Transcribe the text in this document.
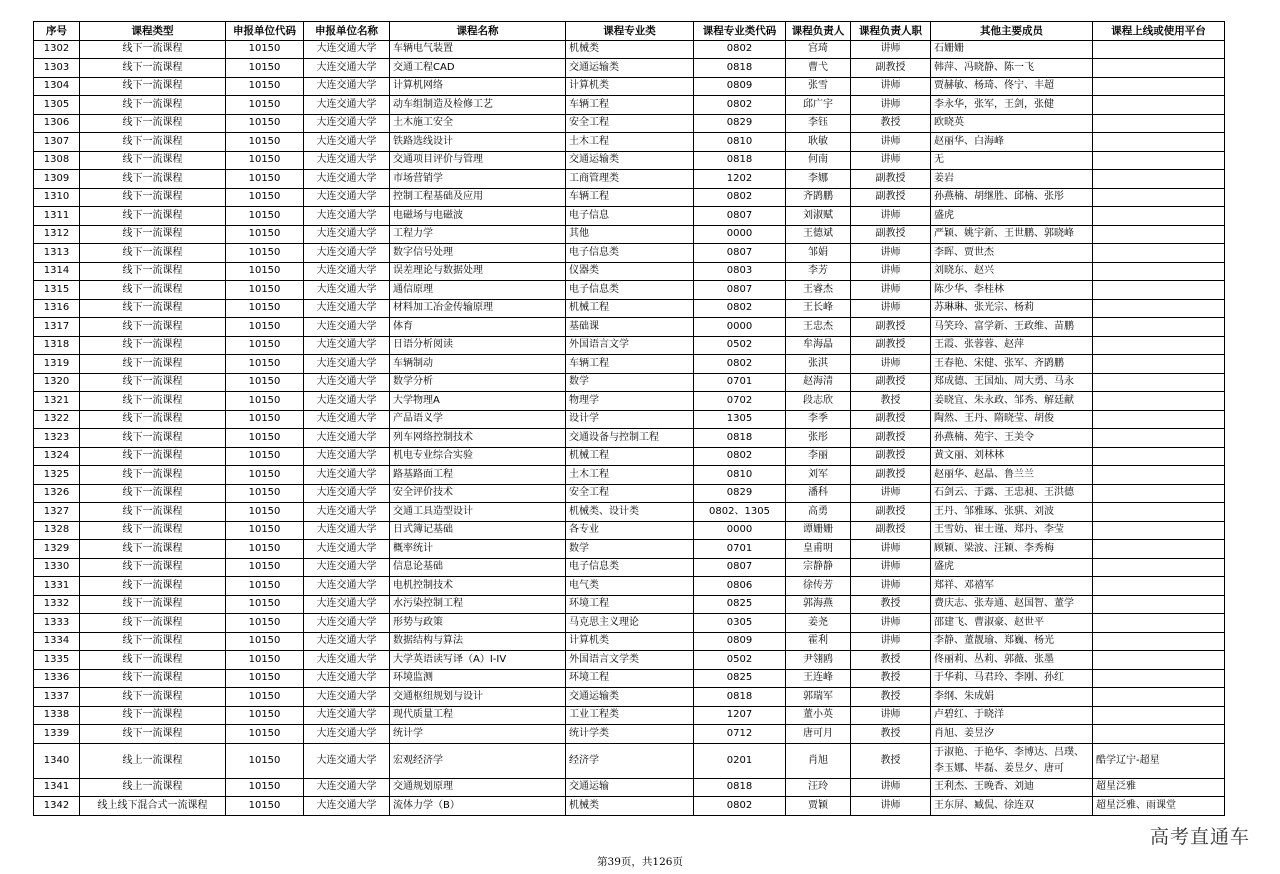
序号	课程类型	申报单位代码	申报单位名称	课程名称	课程专业类	课程专业类代码	课程负责人	课程负责人职	其他主要成员	课程上线或使用平台
1302	线下一流课程	10150	大连交通大学	车辆电气装置	机械类	0802	宫琦	讲师	石姗姗	
1303	线下一流课程	10150	大连交通大学	交通工程CAD	交通运输类	0818	曹弋	副教授	韩萍、冯晓静、陈一飞	
1304	线下一流课程	10150	大连交通大学	计算机网络	计算机类	0809	张雪	讲师	贾赫敏、杨琦、佟宁、丰超	
1305	线下一流课程	10150	大连交通大学	动车组制造及检修工艺	车辆工程	0802	邱广宇	讲师	李永华，张军，王剑，张健	
1306	线下一流课程	10150	大连交通大学	土木施工安全	安全工程	0829	李钰	教授	欧晓英	
1307	线下一流课程	10150	大连交通大学	铁路选线设计	土木工程	0810	耿敏	讲师	赵丽华、白海峰	
1308	线下一流课程	10150	大连交通大学	交通项目评价与管理	交通运输类	0818	何南	讲师	无	
1309	线下一流课程	10150	大连交通大学	市场营销学	工商管理类	1202	李娜	副教授	姜岩	
1310	线下一流课程	10150	大连交通大学	控制工程基础及应用	车辆工程	0802	齐鹍鹏	副教授	孙燕楠、胡继胜、邱楠、张彤	
1311	线下一流课程	10150	大连交通大学	电磁场与电磁波	电子信息	0807	刘淑赋	讲师	盛虎	
1312	线下一流课程	10150	大连交通大学	工程力学	其他	0000	王德斌	副教授	严颖、姚宇新、王世鹏、郭晓峰	
1313	线下一流课程	10150	大连交通大学	数字信号处理	电子信息类	0807	邹娟	讲师	李晖、贾世杰	
1314	线下一流课程	10150	大连交通大学	误差理论与数据处理	仪器类	0803	李芳	讲师	刘晓东、赵兴	
1315	线下一流课程	10150	大连交通大学	通信原理	电子信息类	0807	王睿杰	讲师	陈少华、李桂林	
1316	线下一流课程	10150	大连交通大学	材料加工冶金传输原理	机械工程	0802	王长峰	讲师	苏琳琳、张光宗、杨莉	
1317	线下一流课程	10150	大连交通大学	体育	基础课	0000	王忠杰	副教授	马笑玲、富学新、王政维、苗鹏	
1318	线下一流课程	10150	大连交通大学	日语分析阅读	外国语言文学	0502	牟海晶	副教授	王霞、张蓉蓉、赵萍	
1319	线下一流课程	10150	大连交通大学	车辆制动	车辆工程	0802	张淇	讲师	王春艳、宋健、张军、齐鹍鹏	
1320	线下一流课程	10150	大连交通大学	数学分析	数学	0701	赵海清	副教授	郑成德、王国灿、周大勇、马永	
1321	线下一流课程	10150	大连交通大学	大学物理A	物理学	0702	段志欣	教授	姜晓宜、朱永政、邹秀、解廷献	
1322	线下一流课程	10150	大连交通大学	产品语义学	设计学	1305	李季	副教授	陶然、王丹、隋晓莹、胡俊	
1323	线下一流课程	10150	大连交通大学	列车网络控制技术	交通设备与控制工程	0818	张彤	副教授	孙燕楠、苑宇、王美令	
1324	线下一流课程	10150	大连交通大学	机电专业综合实验	机械工程	0802	李丽	副教授	黄文丽、刘林林	
1325	线下一流课程	10150	大连交通大学	路基路面工程	土木工程	0810	刘军	副教授	赵丽华、赵晶、鲁兰兰	
1326	线下一流课程	10150	大连交通大学	安全评价技术	安全工程	0829	潘科	讲师	石剑云、于露、王忠昶、王洪德	
1327	线下一流课程	10150	大连交通大学	交通工具造型设计	机械类、设计类	0802、1305	高勇	副教授	王丹、邹雅琢、张骐、刘波	
1328	线下一流课程	10150	大连交通大学	日式簿记基础	各专业	0000	谭姗姗	副教授	王雪妨、崔士谨、郑丹、李莹	
1329	线下一流课程	10150	大连交通大学	概率统计	数学	0701	皇甫明	讲师	顾颖、梁波、汪颖、李秀梅	
1330	线下一流课程	10150	大连交通大学	信息论基础	电子信息类	0807	宗静静	讲师	盛虎	
1331	线下一流课程	10150	大连交通大学	电机控制技术	电气类	0806	徐传芳	讲师	郑祥、邓禧军	
1332	线下一流课程	10150	大连交通大学	水污染控制工程	环境工程	0825	郭海燕	教授	费庆志、张寿通、赵国智、董学	
1333	线下一流课程	10150	大连交通大学	形势与政策	马克思主义理论	0305	姜尧	讲师	邵建飞、曹淑豪、赵世平	
1334	线下一流课程	10150	大连交通大学	数据结构与算法	计算机类	0809	霍利	讲师	李静、董靓瑜、郑巍、杨光	
1335	线下一流课程	10150	大连交通大学	大学英语读写译（A）I-IV	外国语言文学类	0502	尹翎鸥	教授	佟丽莉、丛莉、郭薇、张墨	
1336	线下一流课程	10150	大连交通大学	环境监测	环境工程	0825	王连峰	教授	于华莉、马君玲、李刚、孙红	
1337	线下一流课程	10150	大连交通大学	交通枢纽规划与设计	交通运输类	0818	郭瑞军	教授	李纲、朱成娟	
1338	线下一流课程	10150	大连交通大学	现代质量工程	工业工程类	1207	董小英	讲师	卢碧红、于晓洋	
1339	线下一流课程	10150	大连交通大学	统计学	统计学类	0712	唐可月	教授	肖旭、姜昱汐	
1340	线上一流课程	10150	大连交通大学	宏观经济学	经济学	0201	肖旭	教授	于淑艳、于艳华、李博达、吕璞、李玉娜、毕磊、姜昱夕、唐可	酷学辽宁-超星
1341	线上一流课程	10150	大连交通大学	交通规划原理	交通运输	0818	汪玲	讲师	王利杰、王晚香、刘迪	超星泛雅
1342	线上线下混合式一流课程	10150	大连交通大学	流体力学（B）	机械类	0802	贾颖	讲师	王东屏、臧侃、徐连双	超星泛雅、雨课堂
第39页，共126页
高考直通车
